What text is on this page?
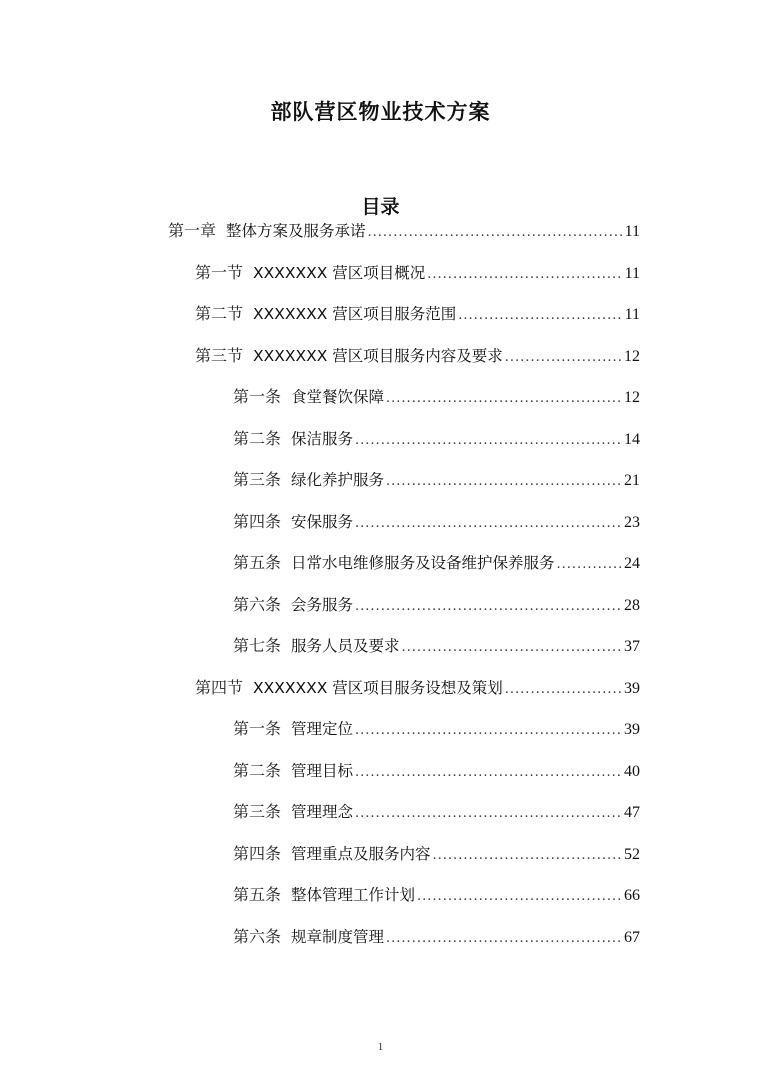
部队营区物业技术方案
目录
第一章 整体方案及服务承诺 .....	11
第一节 XXXXXXX 营区项目概况 .....	11
第二节 XXXXXXX 营区项目服务范围 .....	11
第三节 XXXXXXX 营区项目服务内容及要求 .....	12
第一条 食堂餐饮保障 .....	12
第二条 保洁服务 .....	14
第三条 绿化养护服务 .....	21
第四条 安保服务 .....	23
第五条 日常水电维修服务及设备维护保养服务 .....	24
第六条 会务服务 .....	28
第七条 服务人员及要求 .....	37
第四节 XXXXXXX 营区项目服务设想及策划 .....	39
第一条 管理定位 .....	39
第二条 管理目标 .....	40
第三条 管理理念 .....	47
第四条 管理重点及服务内容 .....	52
第五条 整体管理工作计划 .....	66
第六条 规章制度管理 .....	67
1
